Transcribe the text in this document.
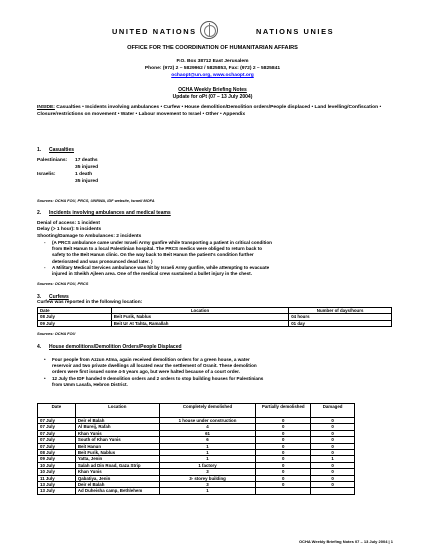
UNITED NATIONS	NATIONS UNIES
OFFICE FOR THE COORDINATION OF HUMANITARIAN AFFAIRS
P.O. Box 38712 East Jerusalem
Phone: (972) 2 – 5829962 / 5825853, Fax: (972) 2 – 5825841
ochaopt@un.org, www.ochaopt.org
OCHA Weekly Briefing Notes
Update for oPt (07 – 13 July 2004)
INSIDE: Casualties • Incidents involving ambulances • Curfew • House demolition/Demolition orders/People displaced • Land levelling/Confiscation • Closure/restrictions on movement • Water • Labour movement to Israel • Other • Appendix
1. Casualties
Palestinians: 17 deaths
35 injured
Israelis:	1 death
35 injured
Sources: OCHA FOU, PRCS, UNRWA, IDF website, Israeli MOFA
2. Incidents involving ambulances and medical teams
Denial of access: 1 incident
Delay (> 1 hour): 5 incidents
Shooting/Damage to Ambulances: 2 incidents
- (A PRCS ambulance came under Israeli Army gunfire while transporting a patient in critical condition
from Beit Hanun to a local Palestinian hospital. The PRCS medics were obliged to return back to
safety to the Beit Hanun clinic. On the way back to Beit Hanun the patient's condition further
deteriorated and was pronounced dead later. )
- A Military Medical Services ambulance was hit by Israeli Army gunfire, while attempting to evacuate
injured in Sheikh Ajleen area. One of the medical crew sustained a bullet injury in the chest.
Sources: OCHA FOU, PRCS
3. Curfews
Curfew was reported in the following location:
Date	Location	Number of days/hours
08 July	Beit Furik, Nablus	04 hours
09 July	Beit Ur At Tahta, Ramallah	01 day
Sources: OCHA FOU
4. House demolitions/Demolition Orders/People Displaced
• Four people from Azzun Atma, again received demolition orders for a green house, a water
reservoir and two private dwellings all located near the settlement of Oranit. These demolition
orders were first issued some 4-5 years ago, but were halted because of a court order.
• 12 July the IDF handed 9 demolition orders and 2 orders to stop building houses for Palestinians
from Umm Lasafa, Hebron District.
Date	Location	Completely demolished	Partially demolished	Damaged
07 July	Deir el Balah	1 house under construction	0	0
07 July	Al Bureij, Rafah	4	0	0
07 July	Khan Yunis	61	0	0
07 July	South of Khan Yunis	6	0	0
07 July	Beit Hanun	1	0	0
08 July	Beit Furik, Nablus	1	0	0
09 July	Yatta, Jenin	1	0	1
10 July	Salah ad Din Road, Gaza Strip	1 factory	0	0
10 July	Khan Yunis	3	0	0
11 July	Qabatiya, Jenin	3- storey building	0	0
13 July	Deir el Balah	3	0	0
13 July	Ad Duheisha camp, Bethlehem	1		
OCHA Weekly Briefing Notes 07 – 13 July 2004 | 1
